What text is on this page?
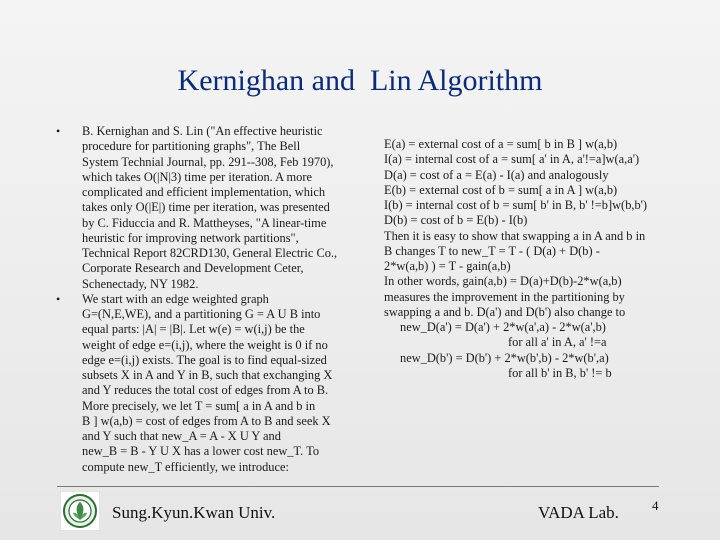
Kernighan and  Lin Algorithm
• B. Kernighan and S. Lin ("An effective heuristic
procedure for partitioning graphs", The Bell
System Technial Journal, pp. 291--308, Feb 1970),
which takes O(|N|3) time per iteration. A more
complicated and efficient implementation, which
takes only O(|E|) time per iteration, was presented
by C. Fiduccia and R. Mattheyses, "A linear-time
heuristic for improving network partitions",
Technical Report 82CRD130, General Electric Co.,
Corporate Research and Development Ceter,
Schenectady, NY 1982.
• We start with an edge weighted graph
G=(N,E,WE), and a partitioning G = A U B into
equal parts: |A| = |B|. Let w(e) = w(i,j) be the
weight of edge e=(i,j), where the weight is 0 if no
edge e=(i,j) exists. The goal is to find equal-sized
subsets X in A and Y in B, such that exchanging X
and Y reduces the total cost of edges from A to B.
More precisely, we let T = sum[ a in A and b in
B ] w(a,b) = cost of edges from A to B and seek X
and Y such that new_A = A - X U Y and
new_B = B - Y U X has a lower cost new_T. To
compute new_T efficiently, we introduce:
E(a) = external cost of a = sum[ b in B ] w(a,b)
I(a) = internal cost of a = sum[ a' in A, a'!=a]w(a,a')
D(a) = cost of a = E(a) - I(a) and analogously
E(b) = external cost of b = sum[ a in A ] w(a,b)
I(b) = internal cost of b = sum[ b' in B, b' !=b]w(b,b')
D(b) = cost of b = E(b) - I(b)
Then it is easy to show that swapping a in A and b in
B changes T to new_T = T - ( D(a) + D(b) -
2*w(a,b) ) = T - gain(a,b)
In other words, gain(a,b) = D(a)+D(b)-2*w(a,b)
measures the improvement in the partitioning by
swapping a and b. D(a') and D(b') also change to
new_D(a') = D(a') + 2*w(a',a) - 2*w(a',b)
for all a' in A, a' !=a
new_D(b') = D(b') + 2*w(b',b) - 2*w(b',a)
for all b' in B, b' != b
Sung.Kyun.Kwan Univ.	VADA Lab.	4
